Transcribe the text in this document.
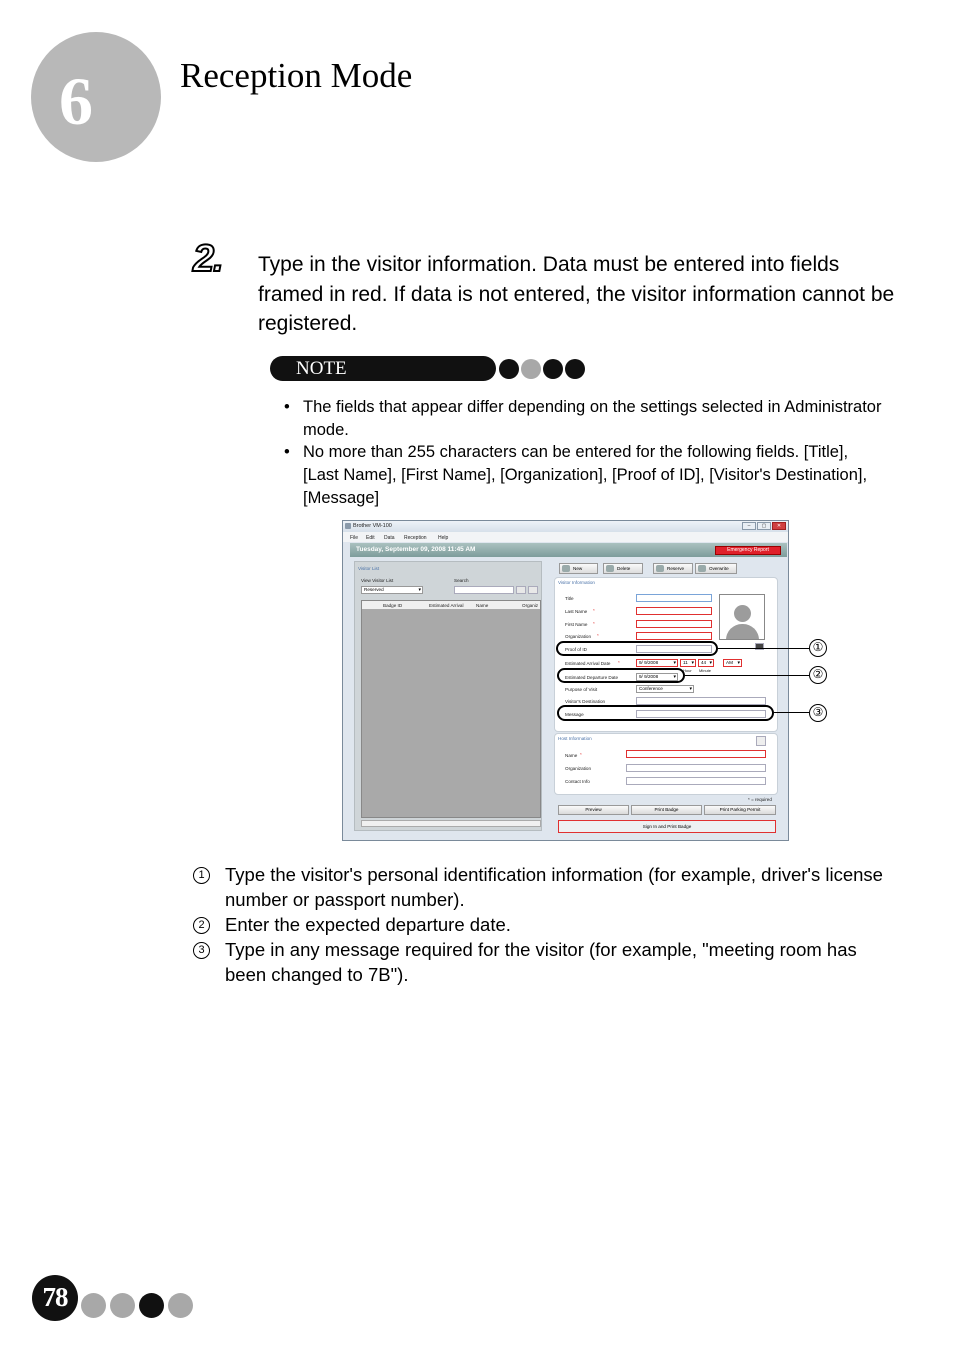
6	Reception Mode
2. Type in the visitor information. Data must be entered into fields framed in red. If data is not entered, the visitor information cannot be registered.
NOTE
• The fields that appear differ depending on the settings selected in Administrator mode.
• No more than 255 characters can be entered for the following fields. [Title], [Last Name], [First Name], [Organization], [Proof of ID], [Visitor's Destination], [Message]
Brother VM-100	–	▢	✕
File Edit Data Reception Help
Tuesday, September 09, 2008 11:45 AM	Emergency Report
Visitor List
View Visitor List
Reserved ▾
Search
Badge ID	Estimated Arrival	Name	Organiz
New	Delete	Reserve	Overwrite
Visitor Information
Title
Last Name *
First Name *
Organization *
Proof of ID
Estimated Arrival Date *	9/ 9/2008 ▾	11 ▾	44 ▾	AM ▾
Hour Minute
Estimated Departure Date	9/ 9/2008 ▾
Purpose of Visit	Conference ▾
Visitor's Destination
Message
Host Information
Name *
Organization
Contact Info
* = required
Preview	Print Badge	Print Parking Permit
Sign In and Print Badge
①
②
③
1 Type the visitor's personal identification information (for example, driver's license number or passport number).
2 Enter the expected departure date.
3 Type in any message required for the visitor (for example, "meeting room has been changed to 7B").
78
